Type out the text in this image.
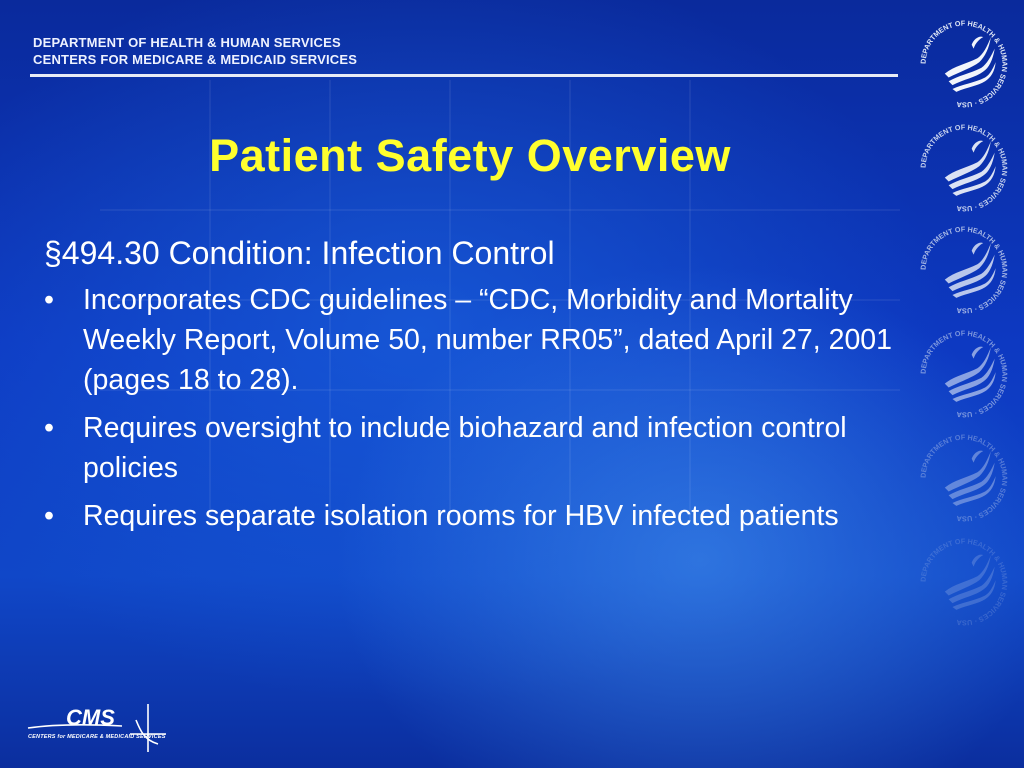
DEPARTMENT OF HEALTH & HUMAN SERVICES
CENTERS FOR MEDICARE & MEDICAID SERVICES
Patient Safety Overview
§494.30 Condition: Infection Control
•	Incorporates CDC guidelines – “CDC, Morbidity and Mortality Weekly Report, Volume 50, number RR05”, dated April 27, 2001 (pages 18 to 28).
•	Requires oversight to include biohazard and infection control policies
•	Requires separate isolation rooms for HBV infected patients
DEPARTMENT OF HEALTH & HUMAN SERVICES · USA
DEPARTMENT OF HEALTH & HUMAN SERVICES · USA
DEPARTMENT OF HEALTH & HUMAN SERVICES · USA
DEPARTMENT OF HEALTH & HUMAN SERVICES · USA
DEPARTMENT OF HEALTH & HUMAN SERVICES · USA
DEPARTMENT OF HEALTH & HUMAN SERVICES · USA
CMS
CENTERS for MEDICARE & MEDICAID SERVICES
